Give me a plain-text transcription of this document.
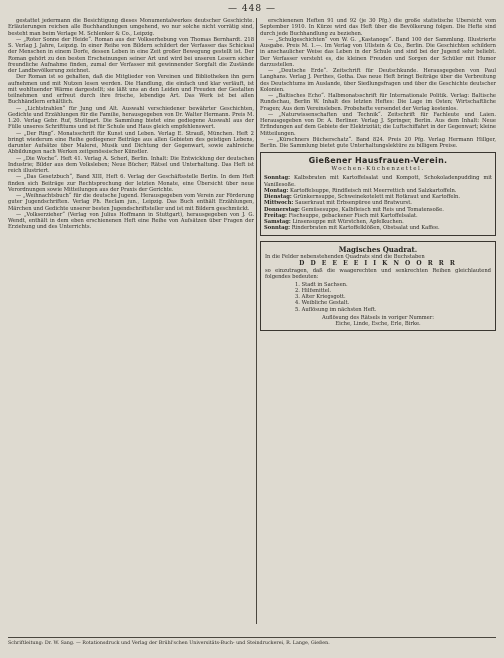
— 448 —

gestattet jedermann die Besichtigung dieses Monumentalwerkes deutscher Geschichte. Erläuterungen reichen alle Buchhandlungen umgehend, wo nur solche nicht vorrätig sind, besteht man beim Verlage M. Schlenker & Co., Leipzig.

— „Roter Sonne der Heide“. Roman aus der Volkserhebung von Thomas Bernhardt. 218 S. Verlag J. Jahre, Leipzig. In einer Reihe von Bildern schildert der Verfasser das Schicksal der Menschen in einem Dorfe, dessen Leben in eine Zeit großer Bewegung gestellt ist. Der Roman gehört zu den besten Erscheinungen seiner Art und wird bei unseren Lesern sicher freundliche Aufnahme finden, zumal der Verfasser mit gewinnender Sorgfalt die Zustände der Landbevölkerung zeichnet.

Der Roman ist so gehalten, daß die Mitglieder von Vereinen und Bibliotheken ihn gern aufnehmen und mit Nutzen lesen werden. Die Handlung, die einfach und klar verläuft, ist mit wohltuender Wärme dargestellt; sie läßt uns an den Leiden und Freuden der Gestalten teilnehmen und erfreut durch ihre frische, lebendige Art. Das Werk ist bei allen Buchhändlern erhältlich.

— „Lichtstrahlen“ für Jung und Alt. Auswahl verschiedener bewährter Geschichten, Gedichte und Erzählungen für die Familie, herausgegeben von Dr. Walter Hermann. Preis M. 1.20. Verlag Gebr. Ruf, Stuttgart. Die Sammlung bietet eine gediegene Auswahl aus der Fülle unseres Schrifttums und ist für Schule und Haus gleich empfehlenswert.

— „Der Ring“. Monatsschrift für Kunst und Leben. Verlag E. Strauß, München. Heft 2 bringt wiederum eine Reihe gediegener Beiträge aus allen Gebieten des geistigen Lebens, darunter Aufsätze über Malerei, Musik und Dichtung der Gegenwart, sowie zahlreiche Abbildungen nach Werken zeitgenössischer Künstler.

— „Die Woche“. Heft 41. Verlag A. Scherl, Berlin. Inhalt: Die Entwicklung der deutschen Industrie; Bilder aus dem Volksleben; Neue Bücher; Rätsel und Unterhaltung. Das Heft ist reich illustriert.

— „Das Gesetzbuch“, Band XIII, Heft 6. Verlag der Geschäftsstelle Berlin. In dem Heft finden sich Beiträge zur Rechtsprechung der letzten Monate, eine Übersicht über neue Verordnungen sowie Mitteilungen aus der Praxis der Gerichte.

— „Weihnachtsbuch“ für die deutsche Jugend. Herausgegeben vom Verein zur Förderung guter Jugendschriften. Verlag Ph. Reclam jun., Leipzig. Das Buch enthält Erzählungen, Märchen und Gedichte unserer besten Jugendschriftsteller und ist mit Bildern geschmückt.

— „Volkserzieher“ (Verlag von Julius Hoffmann in Stuttgart), herausgegeben von J. G. Wendt, enthält in dem eben erschienenen Heft eine Reihe von Aufsätzen über Fragen der Erziehung und des Unterrichts.

erschienenen Heften 91 und 92 (je 30 Pfg.) die große statistische Übersicht vom September 1910. In Kürze wird das Heft über die Bevölkerung folgen. Die Hefte sind durch jede Buchhandlung zu beziehen.

— „Schulgeschichten“ von W. G. „Kastanoge“. Band 100 der Sammlung. Illustrierte Ausgabe. Preis M. 1.—. Im Verlag von Ullstein & Co., Berlin. Die Geschichten schildern in anschaulicher Weise das Leben in der Schule und sind bei der Jugend sehr beliebt. Der Verfasser versteht es, die kleinen Freuden und Sorgen der Schüler mit Humor darzustellen.

— „Deutsche Erde“. Zeitschrift für Deutschkunde. Herausgegeben von Paul Langhans. Verlag J. Perthes, Gotha. Das neue Heft bringt Beiträge über die Verbreitung des Deutschtums im Auslande, über Siedlungsfragen und über die Geschichte deutscher Kolonien.

— „Baltisches Echo“. Halbmonatsschrift für Internationale Politik. Verlag: Baltische Rundschau, Berlin W. Inhalt des letzten Heftes: Die Lage im Osten; Wirtschaftliche Fragen; Aus dem Vereinsleben. Probehefte versendet der Verlag kostenlos.

— „Naturwissenschaften und Technik“. Zeitschrift für Fachleute und Laien. Herausgegeben von Dr. A. Berliner. Verlag J. Springer, Berlin. Aus dem Inhalt: Neue Erfindungen auf dem Gebiete der Elektrizität; die Luftschiffahrt in der Gegenwart; kleine Mitteilungen.

— „Kürschners Bücherschatz“. Band 824. Preis 20 Pfg. Verlag Hermann Hillger, Berlin. Die Sammlung bietet gute Unterhaltungslektüre zu billigem Preise.

Gießener Hausfrauen-Verein.
Wochen-Küchenzettel.

Sonntag: Kalbsbraten mit Kartoffelsalat und Kompott, Schokoladenpudding mit Vanillesoße.

Montag: Kartoffelsuppe, Rindfleisch mit Meerrettich und Salzkartoffeln.

Dienstag: Grünkernsuppe, Schweinekotelett mit Rotkraut und Kartoffeln.

Mittwoch: Sauerkraut mit Erbsenpüree und Bratwurst.

Donnerstag: Gemüsesuppe, Kalbfleisch mit Reis und Tomatensoße.

Freitag: Fischsuppe, gebackener Fisch mit Kartoffelsalat.

Samstag: Linsensuppe mit Würstchen, Apfelkuchen.

Sonntag: Rinderbraten mit Kartoffelklößen, Obstsalat und Kaffee.

Magisches Quadrat.

In die Felder nebenstehenden Quadrats sind die Buchstaben

D D E E E E I I K N O O R R R

so einzutragen, daß die waagerechten und senkrechten Reihen gleichlautend folgendes bedeuten:

1. Stadt in Sachsen.
2. Hilfsmittel.
3. Alter Kriegsgott.
4. Weibliche Gestalt.
5. Auflösung im nächsten Heft.

Auflösung des Rätsels in voriger Nummer:

Eiche, Linde, Esche, Erle, Birke.

Schriftleitung: Dr. W. Sang. — Rotationsdruck und Verlag der Brühl'schen Universitäts-Buch- und Steindruckerei, R. Lange, Gießen.
